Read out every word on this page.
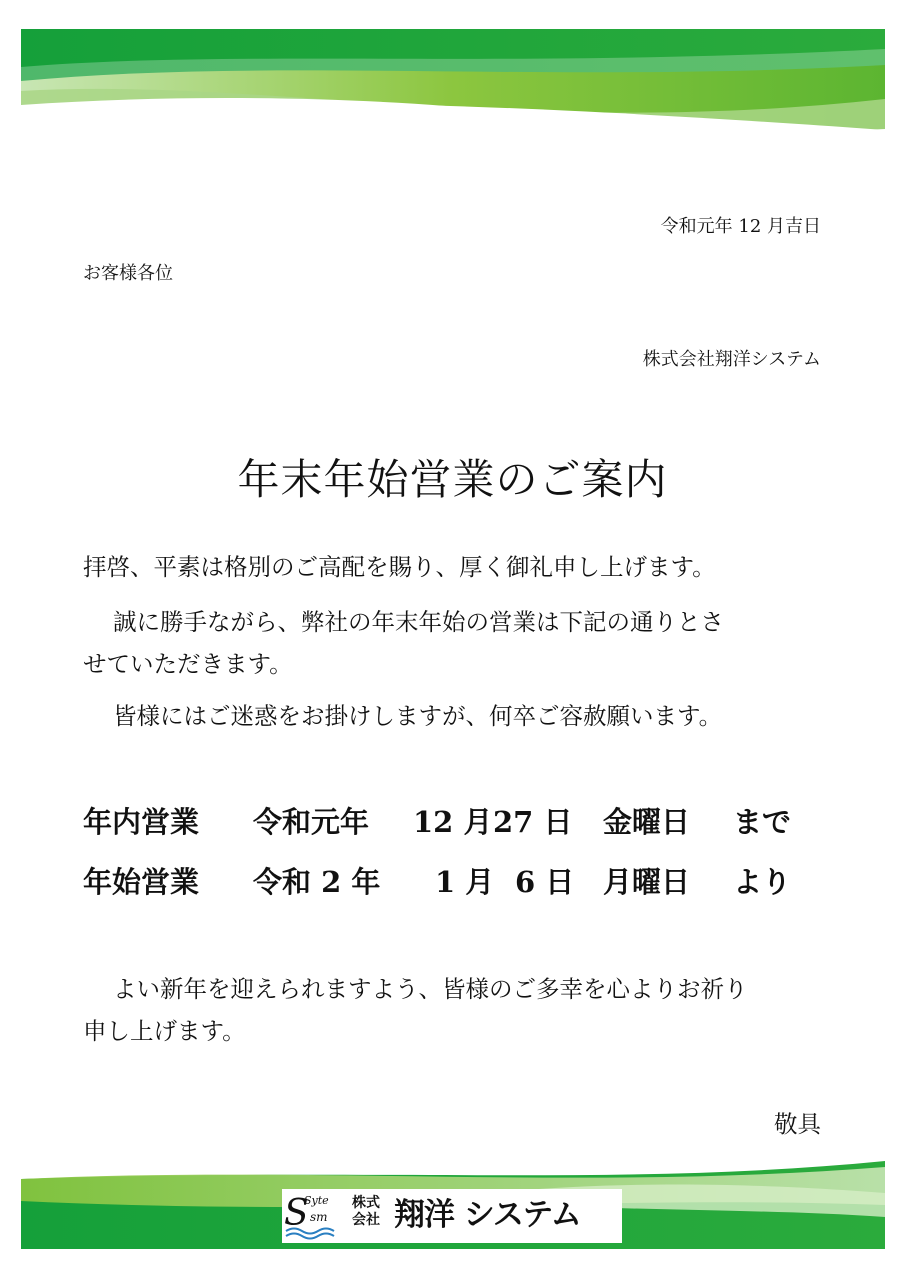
令和元年 12 月吉日

お客様各位

株式会社翔洋システム

年末年始営業のご案内

拝啓、平素は格別のご高配を賜り、厚く御礼申し上げます。

誠に勝手ながら、弊社の年末年始の営業は下記の通りとさ

せていただきます。

皆様にはご迷惑をお掛けしますが、何卒ご容赦願います。

年内営業 令和元年 12 月 27 日 金曜日 まで
年始営業 令和 2 年 1 月 6 日 月曜日 より

よい新年を迎えられますよう、皆様のご多幸を心よりお祈り

申し上げます。

敬具

S
Syte
sm
株式
会社 翔洋 システム
